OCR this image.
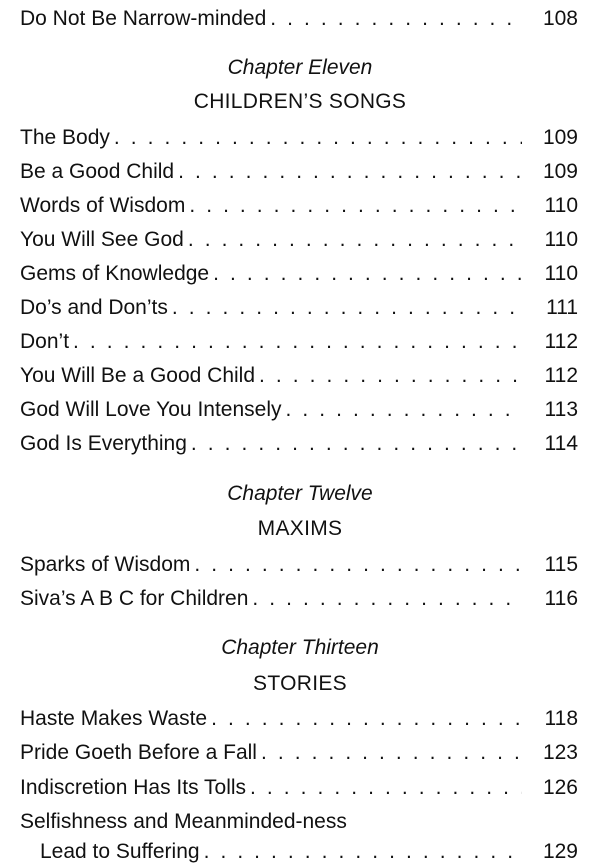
Do Not Be Narrow-minded . . .	108
Chapter Eleven
CHILDREN’S SONGS
The Body . . .	109
Be a Good Child . . .	109
Words of Wisdom . . .	110
You Will See God . . .	110
Gems of Knowledge . . .	110
Do’s and Don’ts . . .	111
Don’t . . .	112
You Will Be a Good Child . . .	112
God Will Love You Intensely . . .	113
God Is Everything . . .	114
Chapter Twelve
MAXIMS
Sparks of Wisdom . . .	115
Siva’s A B C for Children . . .	116
Chapter Thirteen
STORIES
Haste Makes Waste . . .	118
Pride Goeth Before a Fall . . .	123
Indiscretion Has Its Tolls . . .	126
Selfishness and Meanminded-ness
Lead to Suffering . . .	129
